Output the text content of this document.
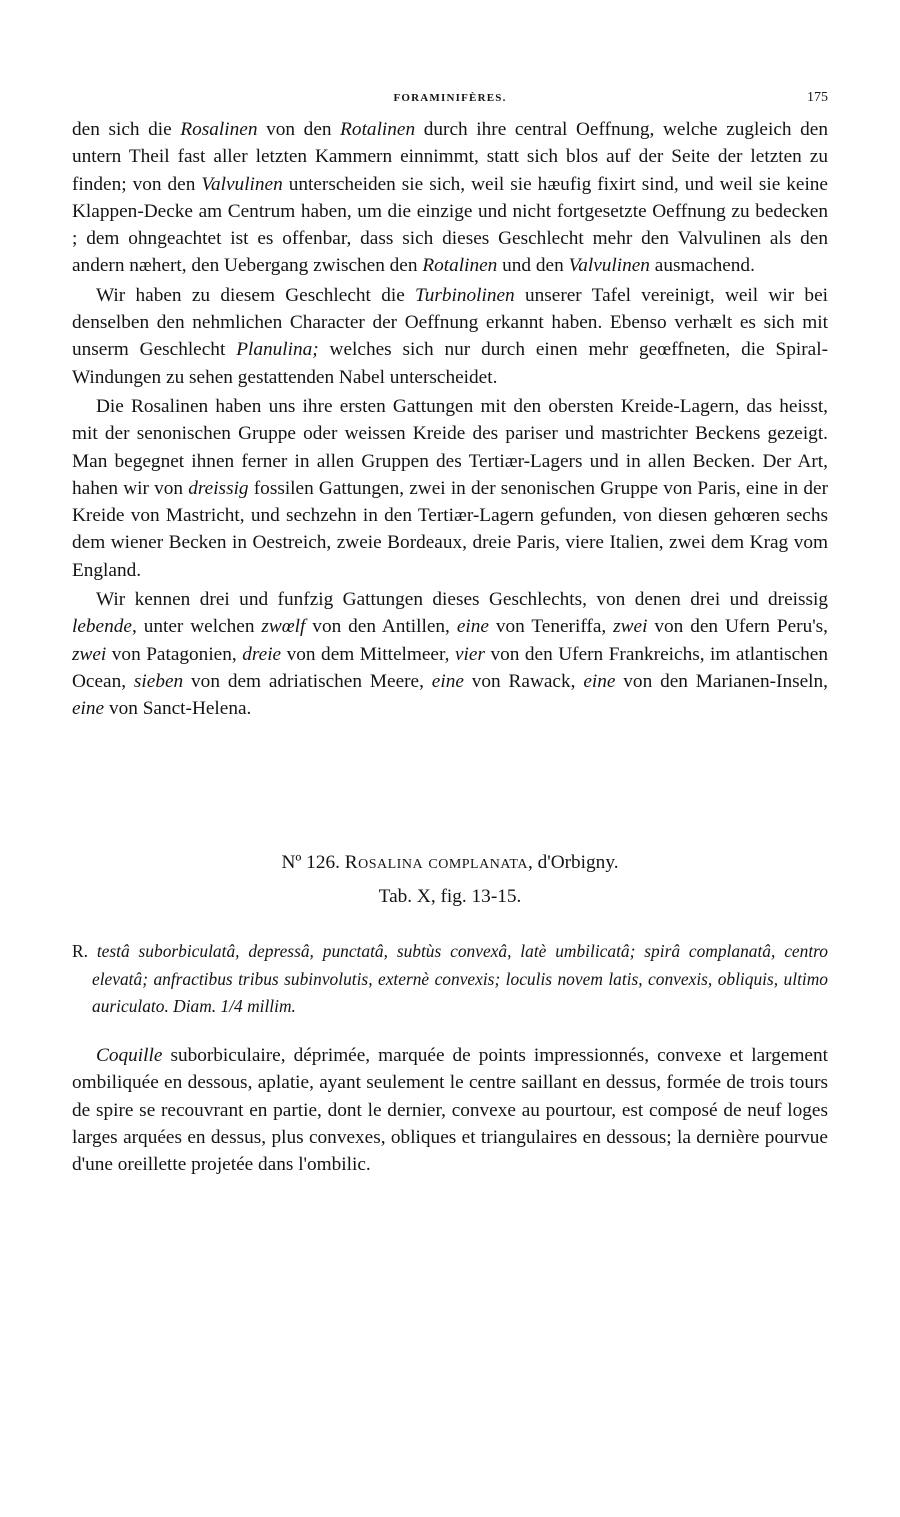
FORAMINIFÈRES.	175

den sich die Rosalinen von den Rotalinen durch ihre central Oeffnung, welche zugleich den untern Theil fast aller letzten Kammern einnimmt, statt sich blos auf der Seite der letzten zu finden; von den Valvulinen unterscheiden sie sich, weil sie hæufig fixirt sind, und weil sie keine Klappen-Decke am Centrum haben, um die einzige und nicht fortgesetzte Oeffnung zu bedecken ; dem ohngeachtet ist es offenbar, dass sich dieses Geschlecht mehr den Valvulinen als den andern næhert, den Uebergang zwischen den Rotalinen und den Valvulinen ausmachend.

Wir haben zu diesem Geschlecht die Turbinolinen unserer Tafel vereinigt, weil wir bei denselben den nehmlichen Character der Oeffnung erkannt haben. Ebenso verhælt es sich mit unserm Geschlecht Planulina; welches sich nur durch einen mehr geœffneten, die Spiral-Windungen zu sehen gestattenden Nabel unterscheidet.

Die Rosalinen haben uns ihre ersten Gattungen mit den obersten Kreide-Lagern, das heisst, mit der senonischen Gruppe oder weissen Kreide des pariser und mastrichter Beckens gezeigt. Man begegnet ihnen ferner in allen Gruppen des Tertiær-Lagers und in allen Becken. Der Art, hahen wir von dreissig fossilen Gattungen, zwei in der senonischen Gruppe von Paris, eine in der Kreide von Mastricht, und sechzehn in den Tertiær-Lagern gefunden, von diesen gehœren sechs dem wiener Becken in Oestreich, zweie Bordeaux, dreie Paris, viere Italien, zwei dem Krag vom England.

Wir kennen drei und funfzig Gattungen dieses Geschlechts, von denen drei und dreissig lebende, unter welchen zwœlf von den Antillen, eine von Teneriffa, zwei von den Ufern Peru's, zwei von Patagonien, dreie von dem Mittelmeer, vier von den Ufern Frankreichs, im atlantischen Ocean, sieben von dem adriatischen Meere, eine von Rawack, eine von den Marianen-Inseln, eine von Sanct-Helena.

Nº 126. Rosalina complanata, d'Orbigny.
Tab. X, fig. 13-15.
R. testâ suborbiculatâ, depressâ, punctatâ, subtùs convexâ, latè umbilicatâ; spirâ complanatâ, centro elevatâ; anfractibus tribus subinvolutis, externè convexis; loculis novem latis, convexis, obliquis, ultimo auriculato. Diam. 1/4 millim.
Coquille suborbiculaire, déprimée, marquée de points impressionnés, convexe et largement ombiliquée en dessous, aplatie, ayant seulement le centre saillant en dessus, formée de trois tours de spire se recouvrant en partie, dont le dernier, convexe au pourtour, est composé de neuf loges larges arquées en dessus, plus convexes, obliques et triangulaires en dessous; la dernière pourvue d'une oreillette projetée dans l'ombilic.
